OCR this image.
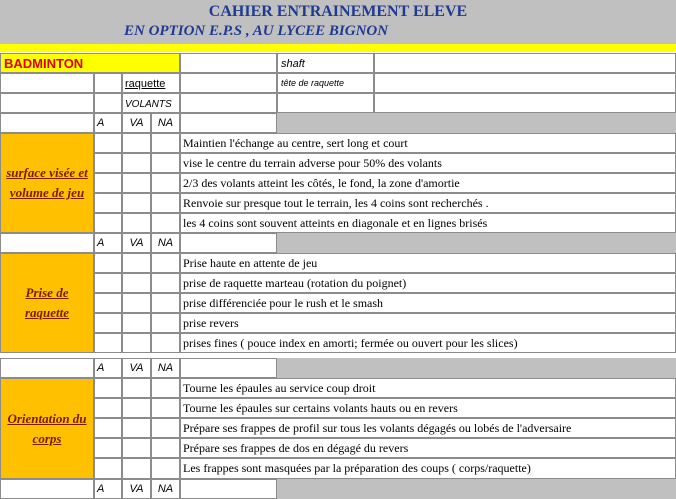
CAHIER ENTRAINEMENT ELEVE
EN OPTION E.P.S , AU LYCEE BIGNON
BADMINTON	shaft
raquette	tête de raquette
VOLANTS
A	VA	NA
surface visée et volume de jeu
Maintien l'échange au centre, sert long et court
vise le centre du terrain adverse pour 50% des volants
2/3 des volants atteint les côtés, le fond, la zone d'amortie
Renvoie sur presque tout le terrain, les 4 coins sont recherchés .
les 4 coins sont souvent atteints en diagonale et en lignes brisés
A	VA	NA
Prise de raquette
Prise haute en attente de jeu
prise de raquette marteau (rotation du poignet)
prise différenciée pour le rush et le smash
prise revers
prises fines ( pouce index en amorti; fermée ou ouvert pour les slices)
A	VA	NA
Orientation du corps
Tourne les épaules au service coup droit
Tourne les épaules sur certains volants hauts ou en revers
Prépare ses frappes de profil sur tous les volants dégagés ou lobés de l'adversaire
Prépare ses frappes de dos en dégagé du revers
Les frappes sont masquées par la préparation des coups ( corps/raquette)
A	VA	NA
